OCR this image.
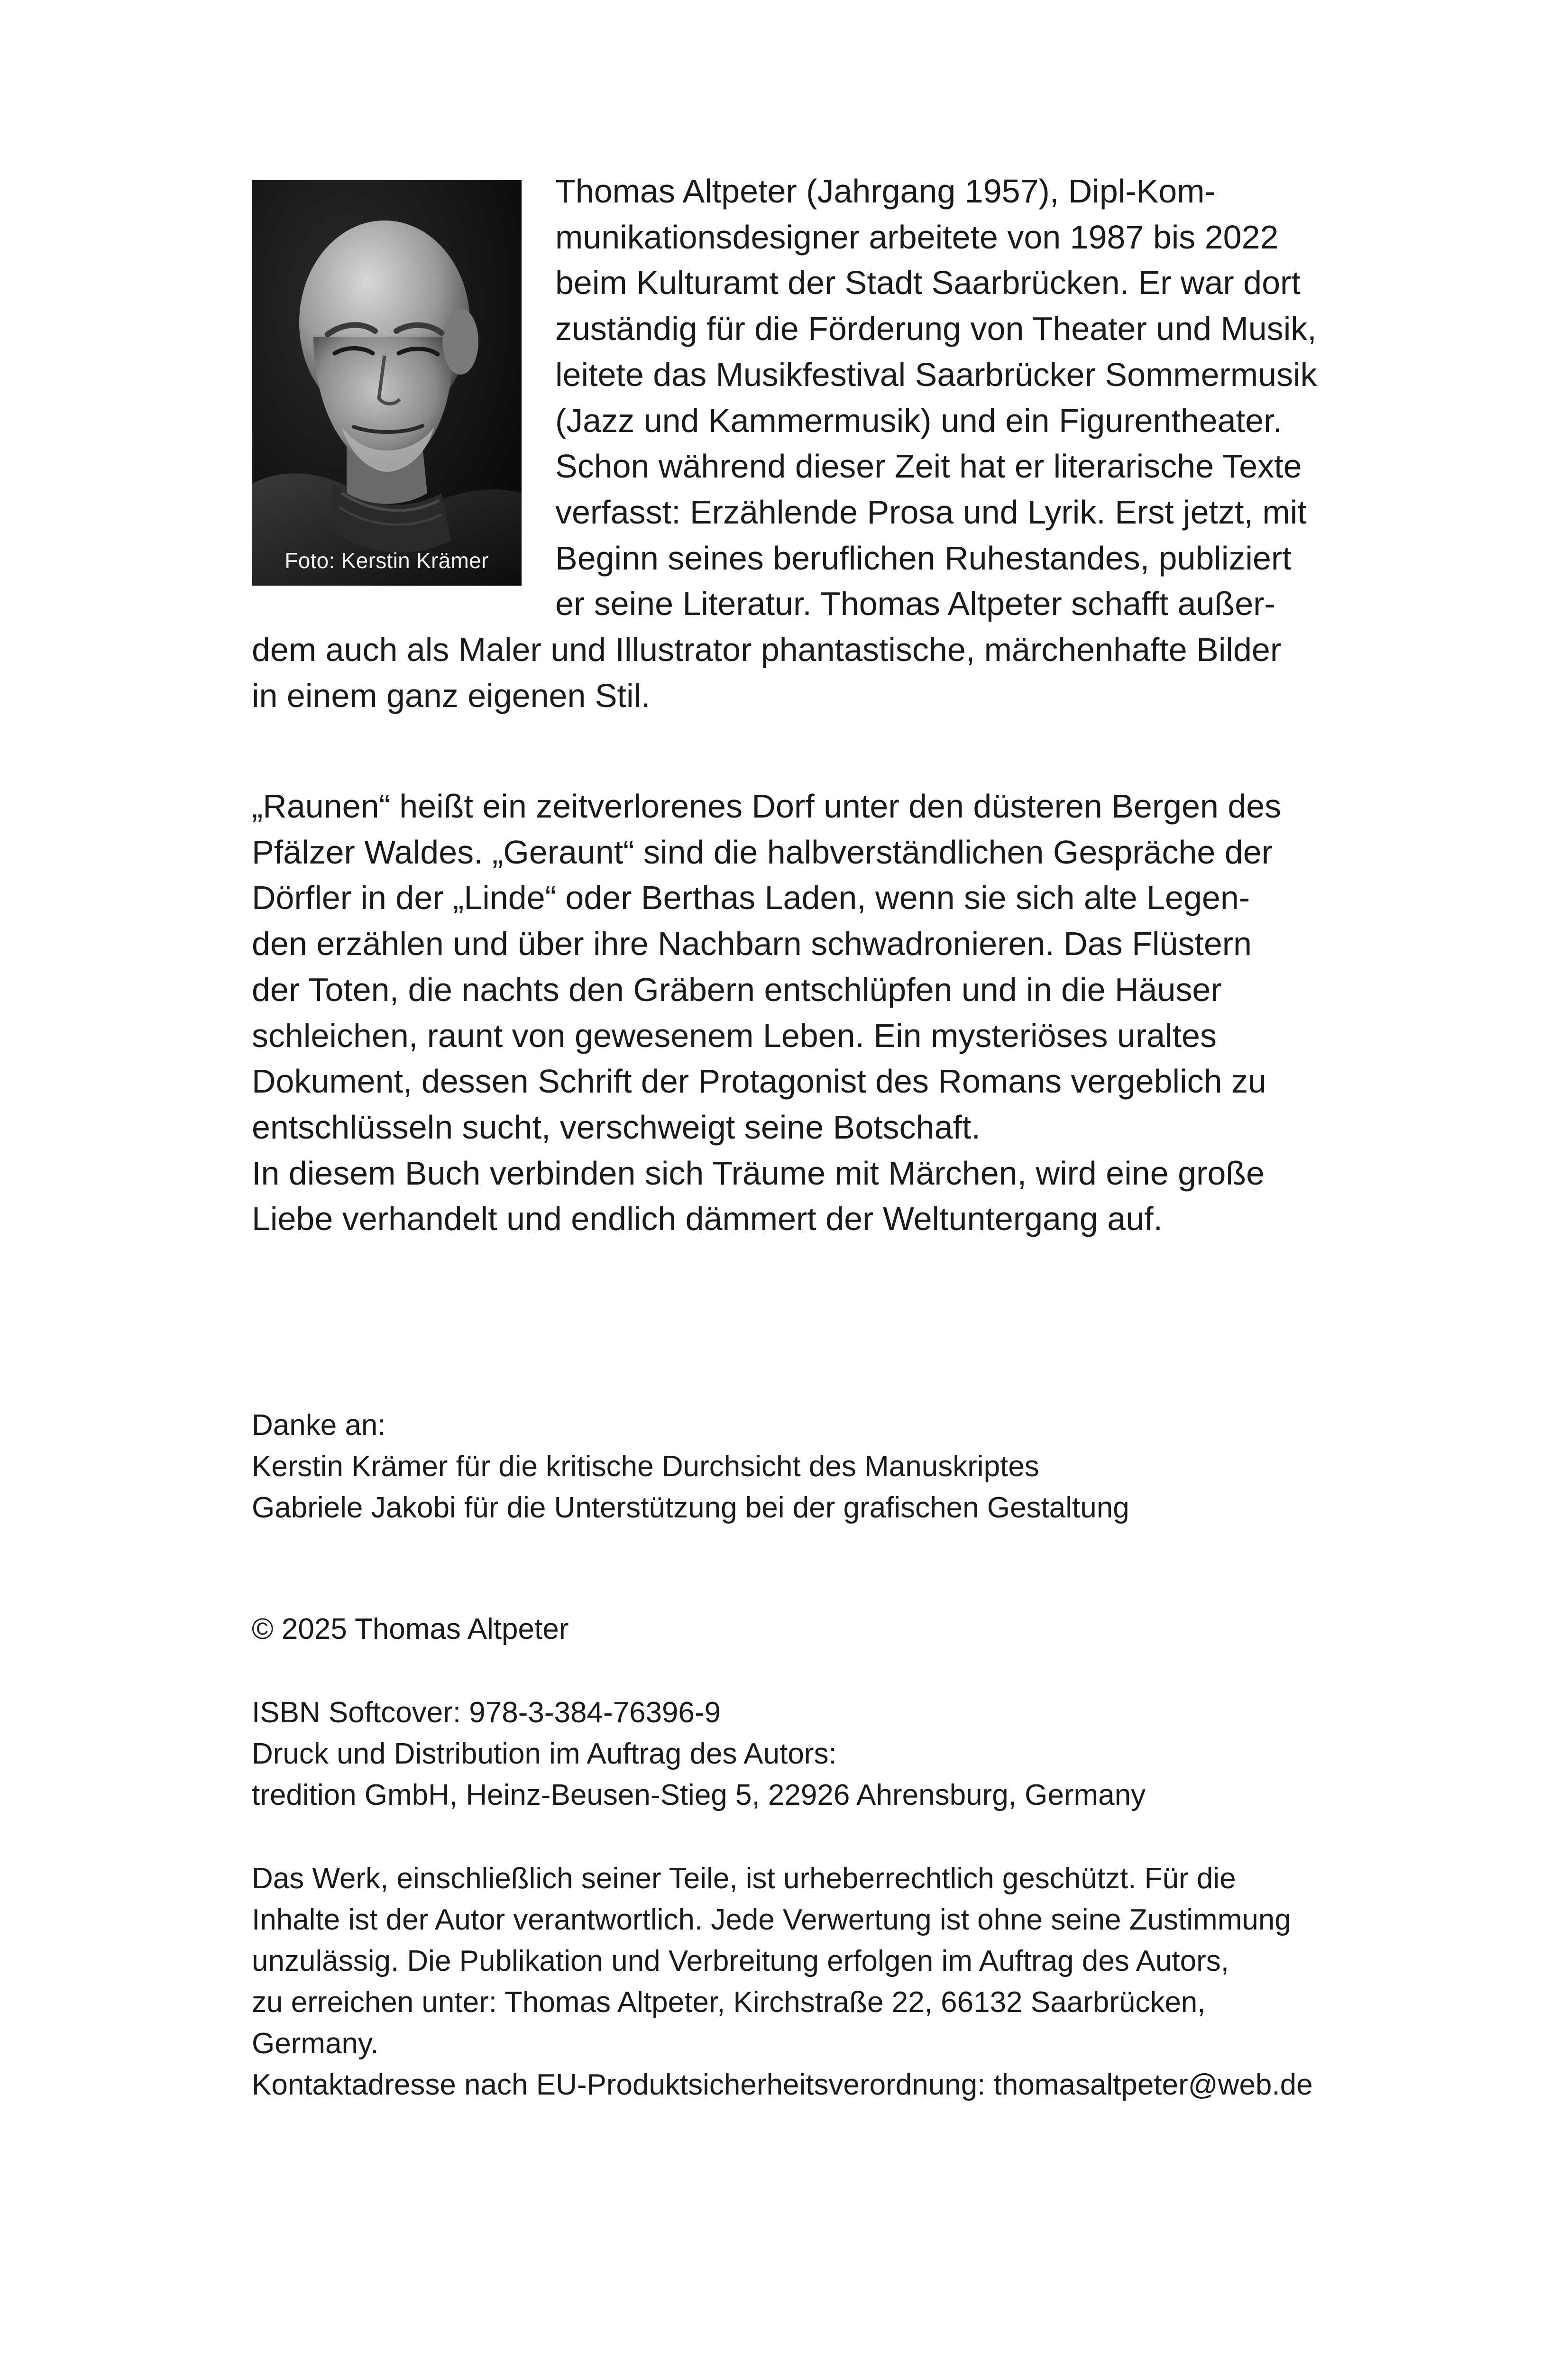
Foto: Kerstin Krämer
Thomas Altpeter (Jahrgang 1957), Dipl-Kom-
munikationsdesigner arbeitete von 1987 bis 2022
beim Kulturamt der Stadt Saarbrücken. Er war dort
zuständig für die Förderung von Theater und Musik,
leitete das Musikfestival Saarbrücker Sommermusik
(Jazz und Kammermusik) und ein Figurentheater.
Schon während dieser Zeit hat er literarische Texte
verfasst: Erzählende Prosa und Lyrik. Erst jetzt, mit
Beginn seines beruflichen Ruhestandes, publiziert
er seine Literatur. Thomas Altpeter schafft außer-
dem auch als Maler und Illustrator phantastische, märchenhafte Bilder
in einem ganz eigenen Stil.
„Raunen“ heißt ein zeitverlorenes Dorf unter den düsteren Bergen des
Pfälzer Waldes. „Geraunt“ sind die halbverständlichen Gespräche der
Dörfler in der „Linde“ oder Berthas Laden, wenn sie sich alte Legen-
den erzählen und über ihre Nachbarn schwadronieren. Das Flüstern
der Toten, die nachts den Gräbern entschlüpfen und in die Häuser
schleichen, raunt von gewesenem Leben. Ein mysteriöses uraltes
Dokument, dessen Schrift der Protagonist des Romans vergeblich zu
entschlüsseln sucht, verschweigt seine Botschaft.
In diesem Buch verbinden sich Träume mit Märchen, wird eine große
Liebe verhandelt und endlich dämmert der Weltuntergang auf.
Danke an:
Kerstin Krämer für die kritische Durchsicht des Manuskriptes
Gabriele Jakobi für die Unterstützung bei der grafischen Gestaltung
© 2025 Thomas Altpeter
ISBN Softcover: 978-3-384-76396-9
Druck und Distribution im Auftrag des Autors:
tredition GmbH, Heinz-Beusen-Stieg 5, 22926 Ahrensburg, Germany
Das Werk, einschließlich seiner Teile, ist urheberrechtlich geschützt. Für die
Inhalte ist der Autor verantwortlich. Jede Verwertung ist ohne seine Zustimmung
unzulässig. Die Publikation und Verbreitung erfolgen im Auftrag des Autors,
zu erreichen unter: Thomas Altpeter, Kirchstraße 22, 66132 Saarbrücken,
Germany.
Kontaktadresse nach EU-Produktsicherheitsverordnung: thomasaltpeter@web.de
